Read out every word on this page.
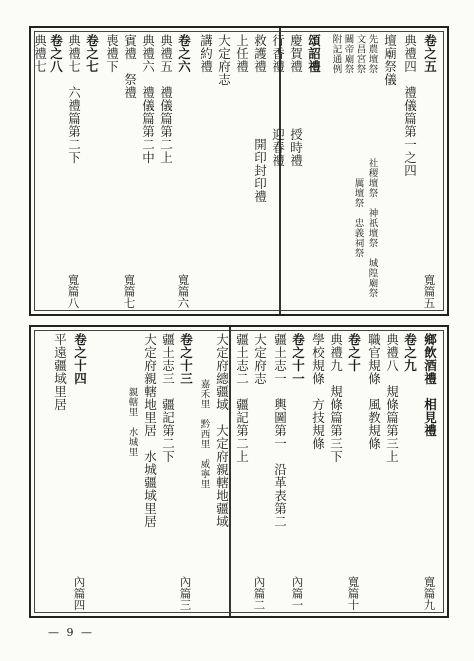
卷之五
典禮四　禮儀篇第一之四
壇廟祭儀
先農壇祭
文昌宮祭
關帝廟祭
附記通例
社稷壇祭　神祇壇祭　城隍廟祭
厲壇祭　忠義祠祭
頌詔禮
慶賀禮
授時禮
行香禮
迎春禮
救護禮
開印封印禮
上任禮
大定府志
講約禮
卷之六
典禮五　禮儀篇第二上
典禮六　禮儀篇第二中
賓禮　祭禮
喪禮下
卷之七
典禮七　六禮篇第二下
卷之八
典禮七
寬篇五
寬篇六
寬篇七
寬篇八
鄉飲酒禮　相見禮
卷之九
典禮八　規條篇第三上
職官規條　風教規條
卷之十
典禮九　規條篇第三下
學校規條　方技規條
卷之十一
疆土志一　輿圖第一　沿革表第二
大定府志
疆土志二　疆記第二上
大定府總疆域　大定府親轄地疆域
嘉禾里　黔西里　威寧里
卷之十三
疆土志三　疆記第二下
大定府親轄地里居　水城疆域里居
親轄里　水城里
卷之十四
平遠疆域里居
寬篇九
寬篇十
內篇一
內篇二
內篇三
內篇四
— 9 —
